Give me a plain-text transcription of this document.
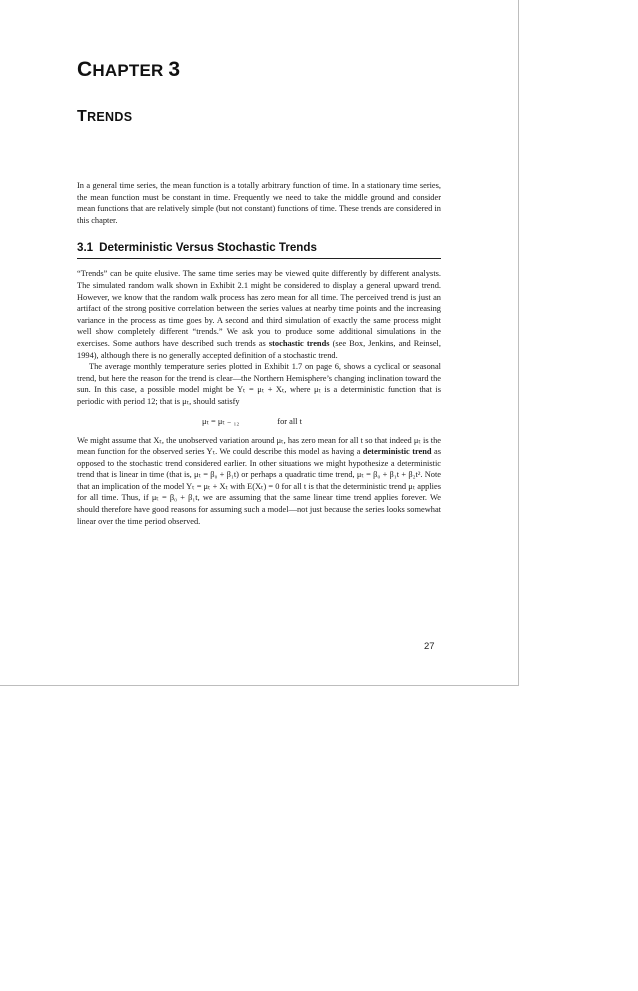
CHAPTER 3
TRENDS

In a general time series, the mean function is a totally arbitrary function of time. In a stationary time series, the mean function must be constant in time. Frequently we need to take the middle ground and consider mean functions that are relatively simple (but not constant) functions of time. These trends are considered in this chapter.

3.1 Deterministic Versus Stochastic Trends

“Trends” can be quite elusive. The same time series may be viewed quite differently by different analysts. The simulated random walk shown in Exhibit 2.1 might be considered to display a general upward trend. However, we know that the random walk process has zero mean for all time. The perceived trend is just an artifact of the strong positive correlation between the series values at nearby time points and the increasing variance in the process as time goes by. A second and third simulation of exactly the same process might well show completely different “trends.” We ask you to produce some additional simulations in the exercises. Some authors have described such trends as stochastic trends (see Box, Jenkins, and Reinsel, 1994), although there is no generally accepted definition of a stochastic trend.

The average monthly temperature series plotted in Exhibit 1.7 on page 6, shows a cyclical or seasonal trend, but here the reason for the trend is clear—the Northern Hemisphere’s changing inclination toward the sun. In this case, a possible model might be Yₜ = μₜ + Xₜ, where μₜ is a deterministic function that is periodic with period 12; that is μₜ, should satisfy

μₜ = μₜ ₋ ₁₂	for all t

We might assume that Xₜ, the unobserved variation around μₜ, has zero mean for all t so that indeed μₜ is the mean function for the observed series Yₜ. We could describe this model as having a deterministic trend as opposed to the stochastic trend considered earlier. In other situations we might hypothesize a deterministic trend that is linear in time (that is, μₜ = β₀ + β₁t) or perhaps a quadratic time trend, μₜ = β₀ + β₁t + β₂t². Note that an implication of the model Yₜ = μₜ + Xₜ with E(Xₜ) = 0 for all t is that the deterministic trend μₜ applies for all time. Thus, if μₜ = β₀ + β₁t, we are assuming that the same linear time trend applies forever. We should therefore have good reasons for assuming such a model—not just because the series looks somewhat linear over the time period observed.

27
